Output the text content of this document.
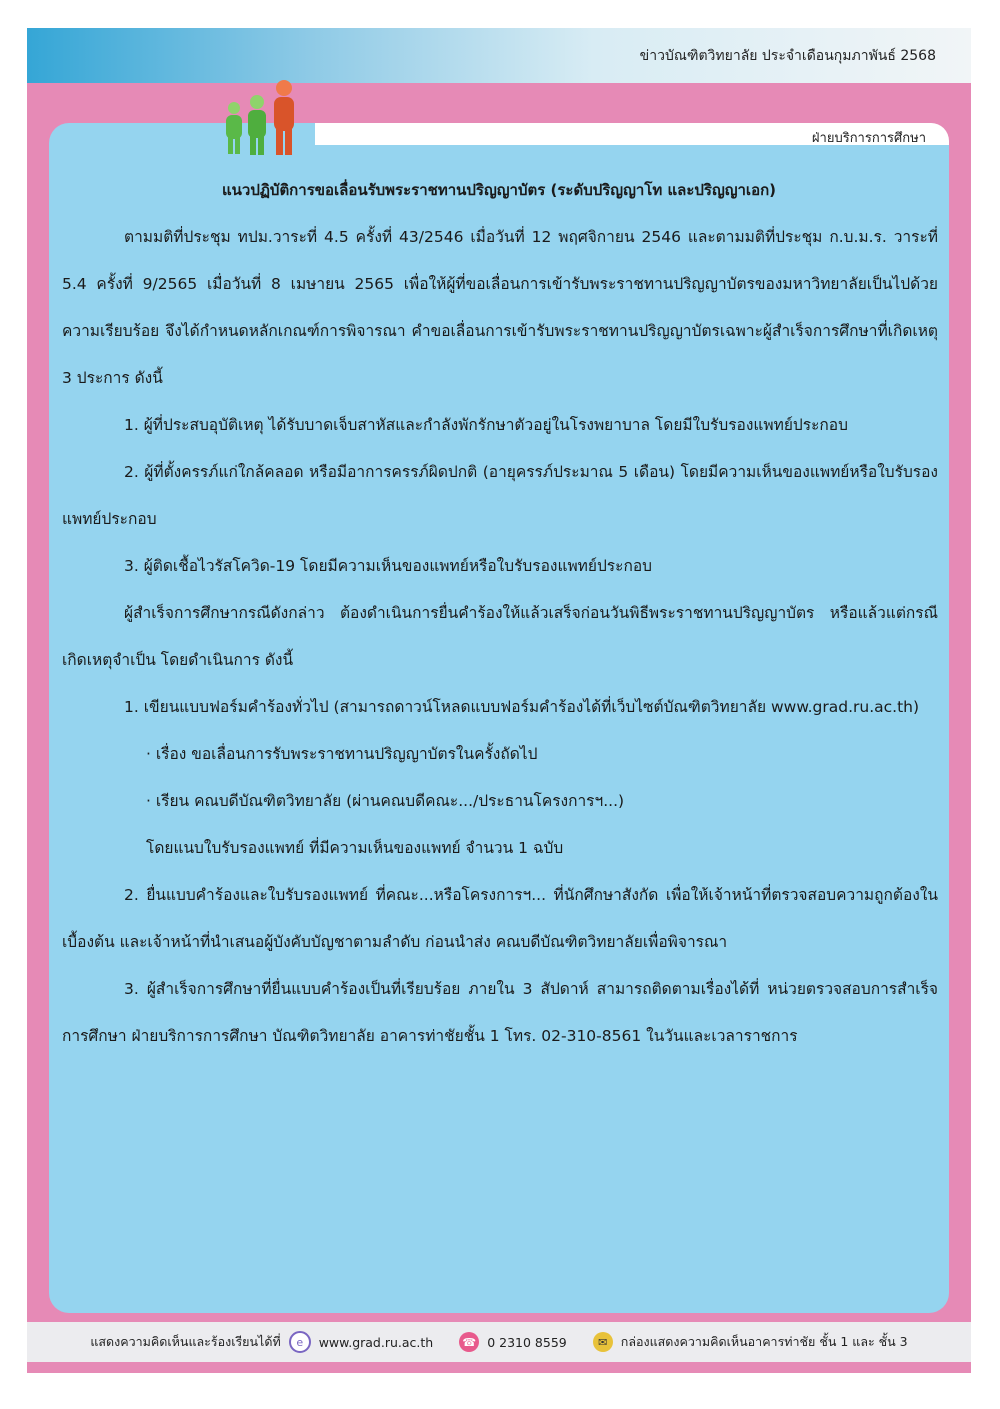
ข่าวบัณฑิตวิทยาลัย ประจำเดือนกุมภาพันธ์ 2568
ฝ่ายบริการการศึกษา
แนวปฏิบัติการขอเลื่อนรับพระราชทานปริญญาบัตร (ระดับปริญญาโท และปริญญาเอก)

ตามมติที่ประชุม ทปม.วาระที่ 4.5 ครั้งที่ 43/2546 เมื่อวันที่ 12 พฤศจิกายน 2546 และตามมติที่ประชุม ก.บ.ม.ร. วาระที่ 5.4 ครั้งที่ 9/2565 เมื่อวันที่ 8 เมษายน 2565 เพื่อให้ผู้ที่ขอเลื่อนการเข้ารับพระราชทานปริญญาบัตรของมหาวิทยาลัยเป็นไปด้วยความเรียบร้อย จึงได้กำหนดหลักเกณฑ์การพิจารณา คำขอเลื่อนการเข้ารับพระราชทานปริญญาบัตรเฉพาะผู้สำเร็จการศึกษาที่เกิดเหตุ 3 ประการ ดังนี้

1. ผู้ที่ประสบอุบัติเหตุ ได้รับบาดเจ็บสาหัสและกำลังพักรักษาตัวอยู่ในโรงพยาบาล โดยมีใบรับรองแพทย์ประกอบ

2. ผู้ที่ตั้งครรภ์แก่ใกล้คลอด หรือมีอาการครรภ์ผิดปกติ (อายุครรภ์ประมาณ 5 เดือน) โดยมีความเห็นของแพทย์หรือใบรับรองแพทย์ประกอบ

3. ผู้ติดเชื้อไวรัสโควิด-19 โดยมีความเห็นของแพทย์หรือใบรับรองแพทย์ประกอบ

ผู้สำเร็จการศึกษากรณีดังกล่าว ต้องดำเนินการยื่นคำร้องให้แล้วเสร็จก่อนวันพิธีพระราชทานปริญญาบัตร หรือแล้วแต่กรณีเกิดเหตุจำเป็น โดยดำเนินการ ดังนี้

1. เขียนแบบฟอร์มคำร้องทั่วไป (สามารถดาวน์โหลดแบบฟอร์มคำร้องได้ที่เว็บไซต์บัณฑิตวิทยาลัย www.grad.ru.ac.th)

· เรื่อง ขอเลื่อนการรับพระราชทานปริญญาบัตรในครั้งถัดไป

· เรียน คณบดีบัณฑิตวิทยาลัย (ผ่านคณบดีคณะ.../ประธานโครงการฯ...)

โดยแนบใบรับรองแพทย์ ที่มีความเห็นของแพทย์ จำนวน 1 ฉบับ

2. ยื่นแบบคำร้องและใบรับรองแพทย์ ที่คณะ...หรือโครงการฯ... ที่นักศึกษาสังกัด เพื่อให้เจ้าหน้าที่ตรวจสอบความถูกต้องในเบื้องต้น และเจ้าหน้าที่นำเสนอผู้บังคับบัญชาตามลำดับ ก่อนนำส่ง คณบดีบัณฑิตวิทยาลัยเพื่อพิจารณา

3. ผู้สำเร็จการศึกษาที่ยื่นแบบคำร้องเป็นที่เรียบร้อย ภายใน 3 สัปดาห์ สามารถติดตามเรื่องได้ที่ หน่วยตรวจสอบการสำเร็จการศึกษา ฝ่ายบริการการศึกษา บัณฑิตวิทยาลัย อาคารท่าชัยชั้น 1 โทร. 02-310-8561 ในวันและเวลาราชการ

แสดงความคิดเห็นและร้องเรียนได้ที่	e	www.grad.ru.ac.th	☎ 0 2310 8559	✉	กล่องแสดงความคิดเห็นอาคารท่าชัย ชั้น 1 และ ชั้น 3
